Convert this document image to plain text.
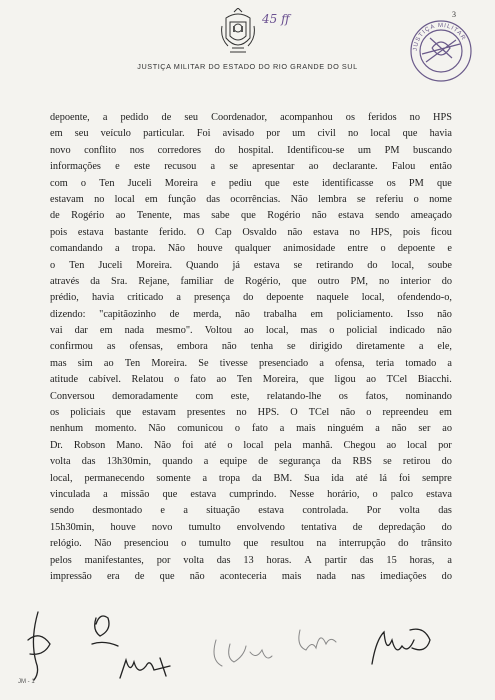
45 ff	3
JUSTIÇA MILITAR
JUSTIÇA MILITAR DO ESTADO DO RIO GRANDE DO SUL
depoente, a pedido de seu Coordenador, acompanhou os feridos no HPS
em seu veículo particular. Foi avisado por um civil no local que havia
novo conflito nos corredores do hospital. Identificou-se um PM buscando
informações e este recusou a se apresentar ao declarante. Falou então
com o Ten Juceli Moreira e pediu que este identificasse os PM que
estavam no local em função das ocorrências. Não lembra se referiu o nome
de Rogério ao Tenente, mas sabe que Rogério não estava sendo ameaçado
pois estava bastante ferido. O Cap Osvaldo não estava no HPS, pois ficou
comandando a tropa. Não houve qualquer animosidade entre o depoente e
o Ten Juceli Moreira. Quando já estava se retirando do local, soube
através da Sra. Rejane, familiar de Rogério, que outro PM, no interior do
prédio, havia criticado a presença do depoente naquele local, ofendendo-o,
dizendo: "capitãozinho de merda, não trabalha em policiamento. Isso não
vai dar em nada mesmo". Voltou ao local, mas o policial indicado não
confirmou as ofensas, embora não tenha se dirigido diretamente a ele,
mas sim ao Ten Moreira. Se tivesse presenciado a ofensa, teria tomado a
atitude cabível. Relatou o fato ao Ten Moreira, que ligou ao TCel Biacchi.
Conversou demoradamente com este, relatando-lhe os fatos, nominando
os policiais que estavam presentes no HPS. O TCel não o repreendeu em
nenhum momento. Não comunicou o fato a mais ninguém a não ser ao
Dr. Robson Mano. Não foi até o local pela manhã. Chegou ao local por
volta das 13h30min, quando a equipe de segurança da RBS se retirou do
local, permanecendo somente a tropa da BM. Sua ida até lá foi sempre
vinculada a missão que estava cumprindo. Nesse horário, o palco estava
sendo desmontado e a situação estava controlada. Por volta das
15h30min, houve novo tumulto envolvendo tentativa de depredação do
relógio. Não presenciou o tumulto que resultou na interrupção do trânsito
pelos manifestantes, por volta das 13 horas. A partir das 15 horas, a
impressão era de que não aconteceria mais nada nas imediações do
JM - 1
